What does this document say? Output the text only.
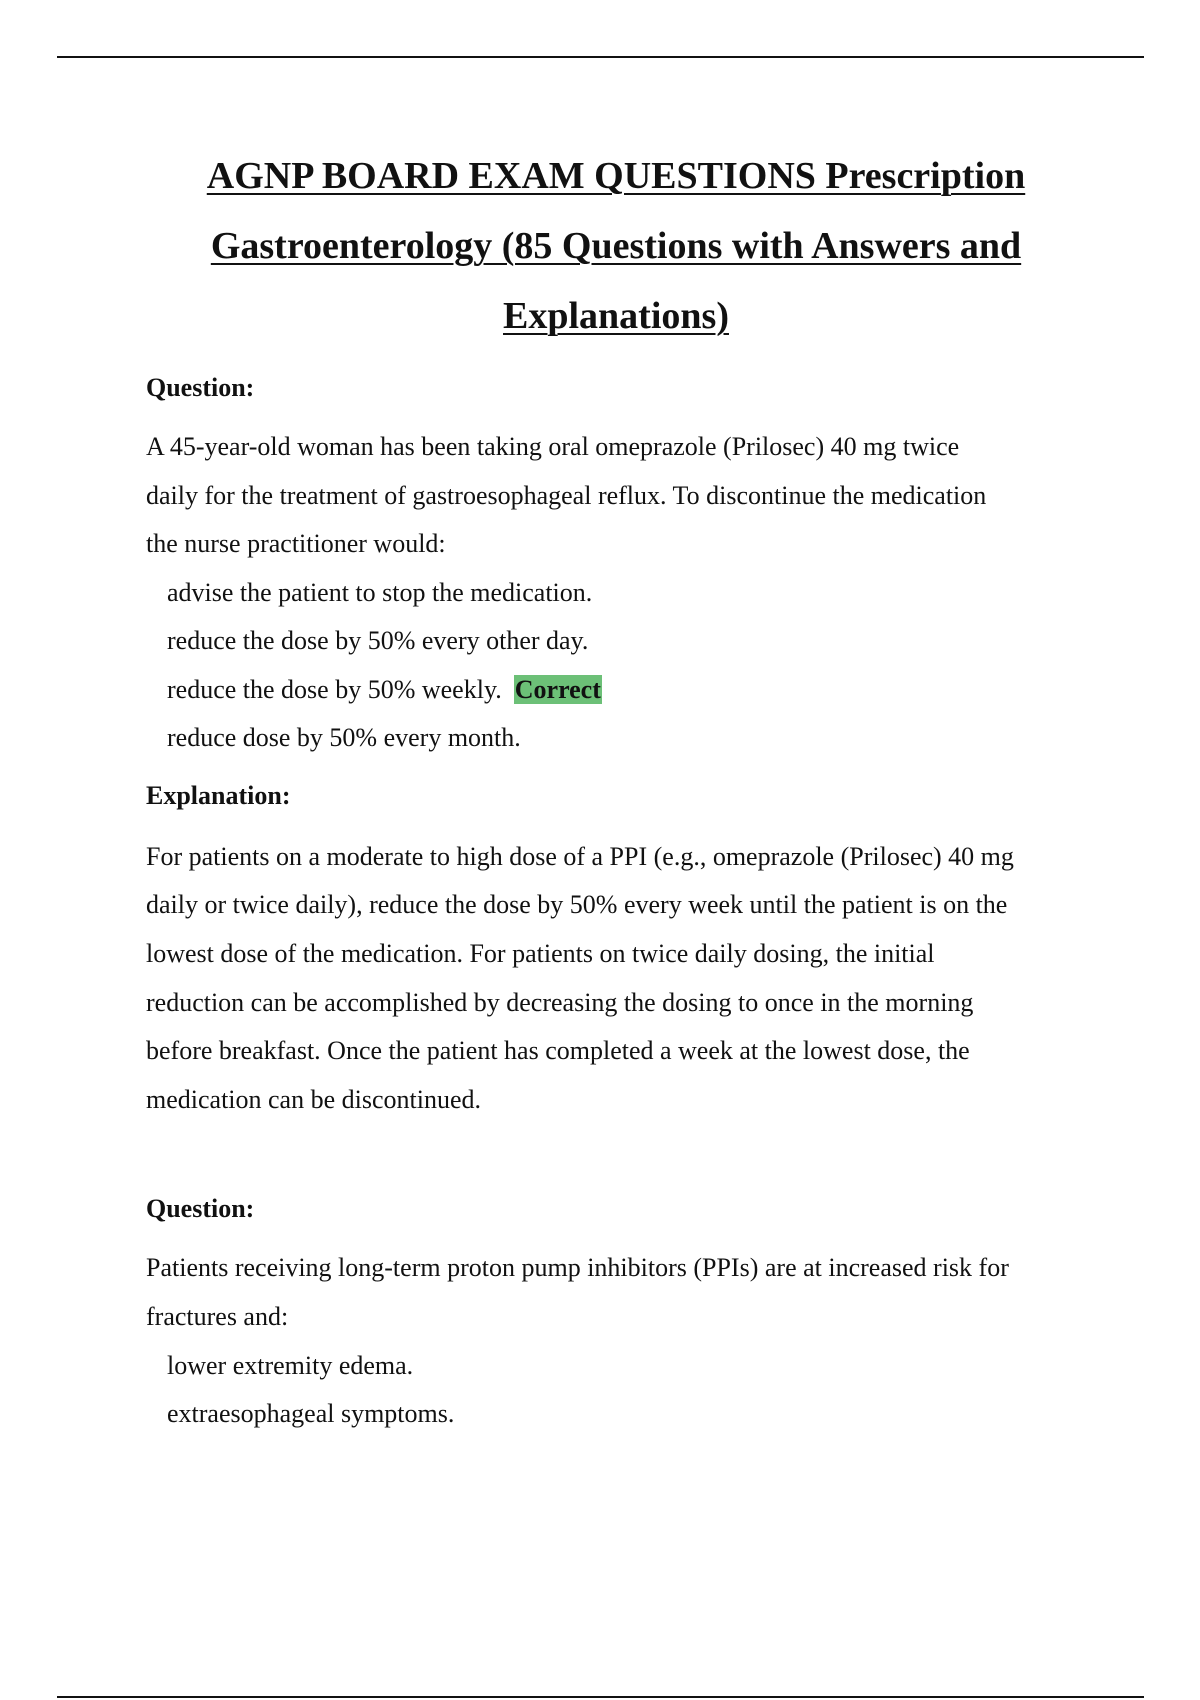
AGNP BOARD EXAM QUESTIONS Prescription
Gastroenterology (85 Questions with Answers and
Explanations)

Question:

A 45-year-old woman has been taking oral omeprazole (Prilosec) 40 mg twice
daily for the treatment of gastroesophageal reflux. To discontinue the medication
the nurse practitioner would:

advise the patient to stop the medication.
reduce the dose by 50% every other day.
reduce the dose by 50% weekly. Correct
reduce dose by 50% every month.

Explanation:

For patients on a moderate to high dose of a PPI (e.g., omeprazole (Prilosec) 40 mg
daily or twice daily), reduce the dose by 50% every week until the patient is on the
lowest dose of the medication. For patients on twice daily dosing, the initial
reduction can be accomplished by decreasing the dosing to once in the morning
before breakfast. Once the patient has completed a week at the lowest dose, the
medication can be discontinued.

Question:

Patients receiving long-term proton pump inhibitors (PPIs) are at increased risk for
fractures and:

lower extremity edema.
extraesophageal symptoms.
